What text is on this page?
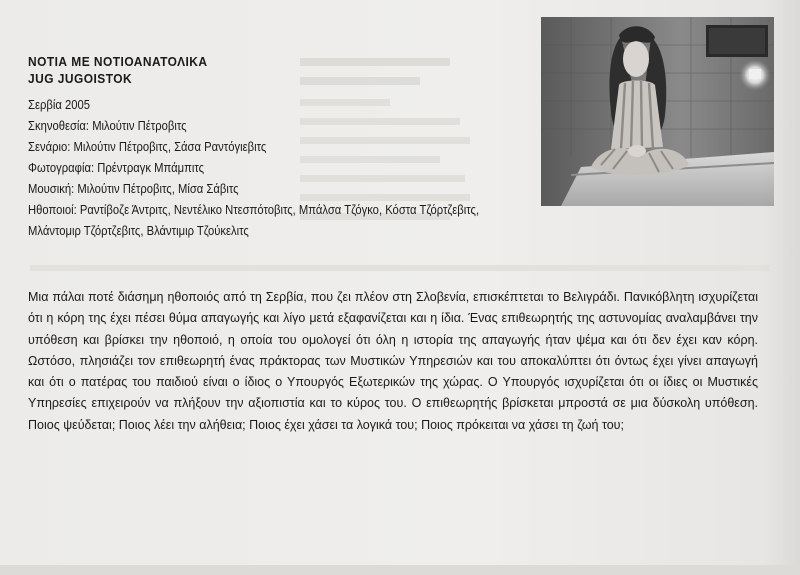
ΝΟΤΙΑ ΜΕ ΝΟΤΙΟΑΝΑΤΟΛΙΚΑ
JUG JUGOISTOK
Σερβία 2005
Σκηνοθεσία: Μιλούτιν Πέτροβιτς
Σενάριο: Μιλούτιν Πέτροβιτς, Σάσα Ραντόγιεβιτς
Φωτογραφία: Πρέντραγκ Μπάμπιτς
Μουσική: Μιλούτιν Πέτροβιτς, Μίσα Σάβιτς
Ηθοποιοί: Ραντίβοζε Άντριτς, Νεντέλικο Ντεσπότοβιτς, Μπάλσα Τζόγκο, Κόστα Τζόρτζεβιτς,
Μλάντομιρ Τζόρτζεβιτς, Βλάντιμιρ Τζούκελιτς
Μια πάλαι ποτέ διάσημη ηθοποιός από τη Σερβία, που ζει πλέον στη Σλοβενία, επισκέπτεται το Βελιγράδι. Πανικόβλητη ισχυρίζεται ότι η κόρη της έχει πέσει θύμα απαγωγής και λίγο μετά εξαφανίζεται και η ίδια. Ένας επιθεωρητής της αστυνομίας αναλαμβάνει την υπόθεση και βρίσκει την ηθοποιό, η οποία του ομολογεί ότι όλη η ιστορία της απαγωγής ήταν ψέμα και ότι δεν έχει καν κόρη. Ωστόσο, πλησιάζει τον επιθεωρητή ένας πράκτορας των Μυστικών Υπηρεσιών και του αποκαλύπτει ότι όντως έχει γίνει απαγωγή και ότι ο πατέρας του παιδιού είναι ο ίδιος ο Υπουργός Εξωτερικών της χώρας. Ο Υπουργός ισχυρίζεται ότι οι ίδιες οι Μυστικές Υπηρεσίες επιχειρούν να πλήξουν την αξιοπιστία και το κύρος του. Ο επιθεωρητής βρίσκεται μπροστά σε μια δύσκολη υπόθεση. Ποιος ψεύδεται; Ποιος λέει την αλήθεια; Ποιος έχει χάσει τα λογικά του; Ποιος πρόκειται να χάσει τη ζωή του;
